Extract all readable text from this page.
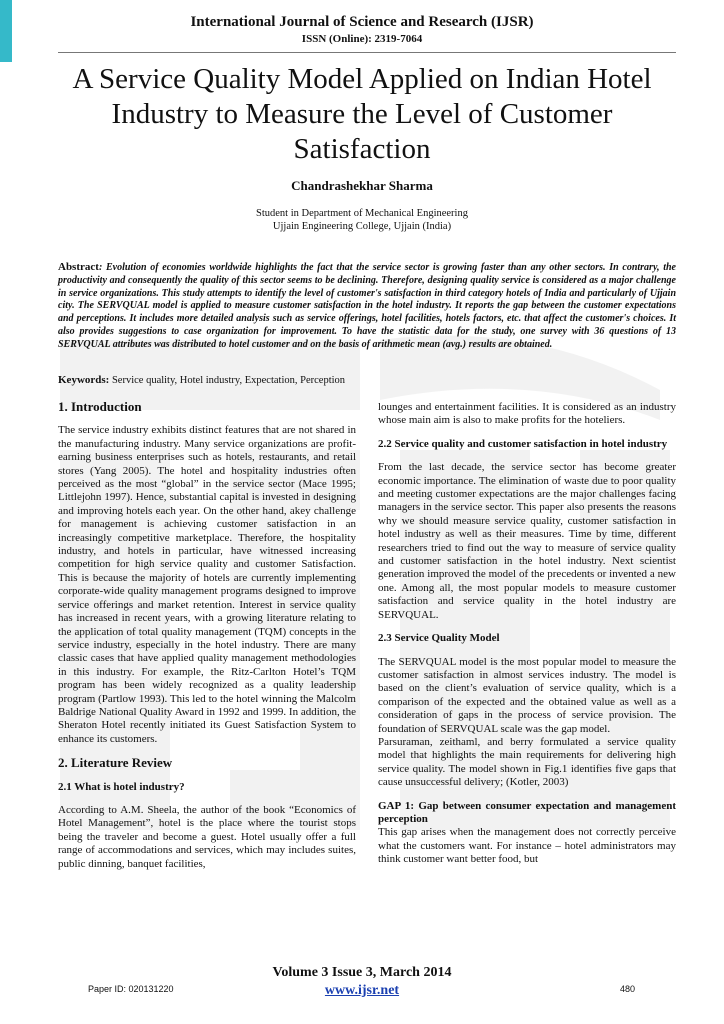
International Journal of Science and Research (IJSR)
ISSN (Online): 2319-7064
A Service Quality Model Applied on Indian Hotel Industry to Measure the Level of Customer Satisfaction
Chandrashekhar Sharma
Student in Department of Mechanical Engineering
Ujjain Engineering College, Ujjain (India)
Abstract: Evolution of economies worldwide highlights the fact that the service sector is growing faster than any other sectors. In contrary, the productivity and consequently the quality of this sector seems to be declining. Therefore, designing quality service is considered as a major challenge in service organizations. This study attempts to identify the level of customer's satisfaction in third category hotels of India and particularly of Ujjain city. The SERVQUAL model is applied to measure customer satisfaction in the hotel industry. It reports the gap between the customer expectations and perceptions. It includes more detailed analysis such as service offerings, hotel facilities, hotels factors, etc. that affect the customer's choices. It also provides suggestions to case organization for improvement. To have the statistic data for the study, one survey with 36 questions of 13 SERVQUAL attributes was distributed to hotel customer and on the basis of arithmetic mean (avg.) results are obtained.
Keywords: Service quality, Hotel industry, Expectation, Perception
1. Introduction

The service industry exhibits distinct features that are not shared in the manufacturing industry. Many service organizations are profit-earning business enterprises such as hotels, restaurants, and retail stores (Yang 2005). The hotel and hospitality industries often perceived as the most “global” in the service sector (Mace 1995; Littlejohn 1997). Hence, substantial capital is invested in designing and improving hotels each year. On the other hand, akey challenge for management is achieving customer satisfaction in an increasingly competitive marketplace. Therefore, the hospitality industry, and hotels in particular, have witnessed increasing competition for high service quality and customer Satisfaction. This is because the majority of hotels are currently implementing corporate-wide quality management programs designed to improve service offerings and market retention. Interest in service quality has increased in recent years, with a growing literature relating to the application of total quality management (TQM) concepts in the service industry, especially in the hotel industry. There are many classic cases that have applied quality management methodologies in this industry. For example, the Ritz-Carlton Hotel’s TQM program has been widely recognized as a quality leadership program (Partlow 1993). This led to the hotel winning the Malcolm Baldrige National Quality Award in 1992 and 1999. In addition, the Sheraton Hotel recently initiated its Guest Satisfaction System to enhance its customers.

2. Literature Review
2.1 What is hotel industry?

According to A.M. Sheela, the author of the book “Economics of Hotel Management”, hotel is the place where the tourist stops being the traveler and become a guest. Hotel usually offer a full range of accommodations and services, which may includes suites, public dinning, banquet facilities,

lounges and entertainment facilities. It is considered as an industry whose main aim is also to make profits for the hoteliers.

2.2 Service quality and customer satisfaction in hotel industry

From the last decade, the service sector has become greater economic importance. The elimination of waste due to poor quality and meeting customer expectations are the major challenges facing managers in the service sector. This paper also presents the reasons why we should measure service quality, customer satisfaction in hotel industry as well as their measures. Time by time, different researchers tried to find out the way to measure of service quality and customer satisfaction in the hotel industry. Next scientist generation improved the model of the precedents or invented a new one. Among all, the most popular models to measure customer satisfaction and service quality in the hotel industry are SERVQUAL.

2.3 Service Quality Model

The SERVQUAL model is the most popular model to measure the customer satisfaction in almost services industry. The model is based on the client’s evaluation of service quality, which is a comparison of the expected and the obtained value as well as a consideration of gaps in the process of service provision. The foundation of SERVQUAL scale was the gap model.

Parsuraman, zeithaml, and berry formulated a service quality model that highlights the main requirements for delivering high service quality. The model shown in Fig.1 identifies five gaps that cause unsuccessful delivery; (Kotler, 2003)

GAP 1: Gap between consumer expectation and management perception

This gap arises when the management does not correctly perceive what the customers want. For instance – hotel administrators may think customer want better food, but

Volume 3 Issue 3, March 2014
www.ijsr.net
Paper ID: 020131220	480
